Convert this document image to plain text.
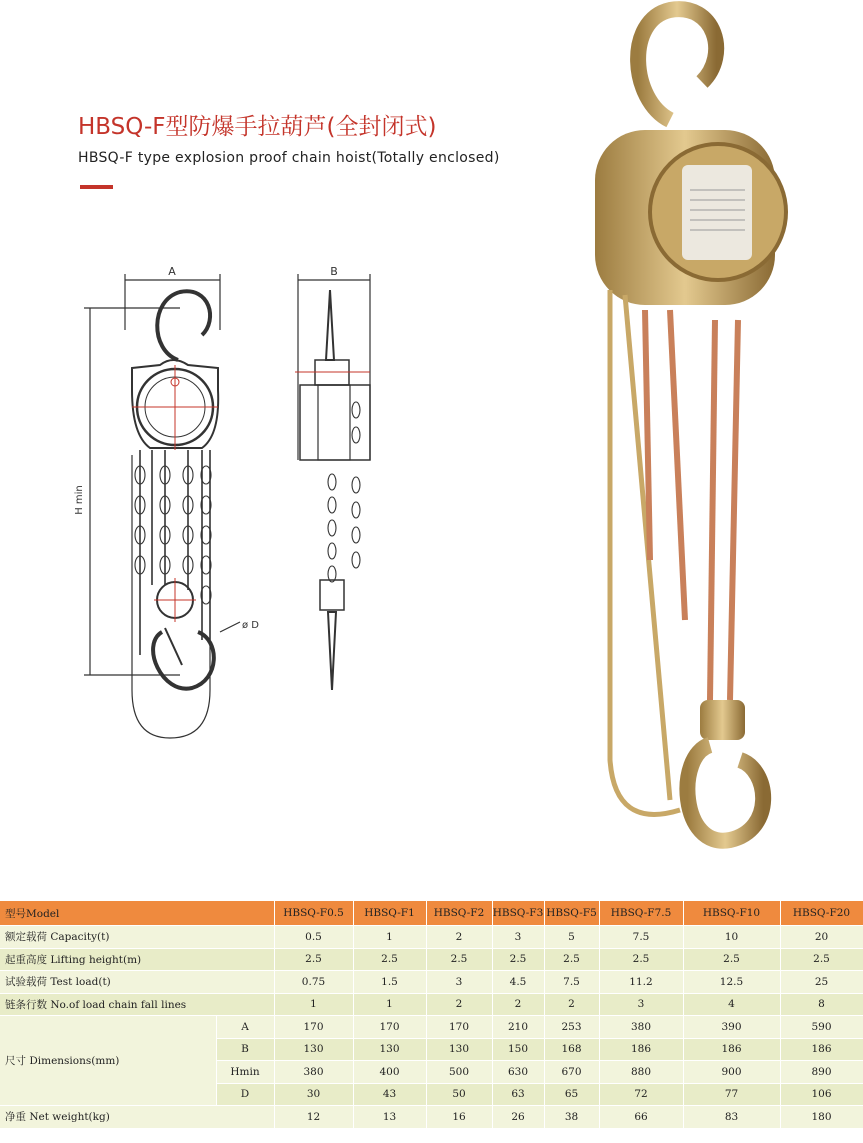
HBSQ-F型防爆手拉葫芦(全封闭式)
HBSQ-F type explosion proof chain hoist(Totally enclosed)
A	B
H min
ø D
型号Model		HBSQ-F0.5	HBSQ-F1	HBSQ-F2	HBSQ-F3	HBSQ-F5	HBSQ-F7.5	HBSQ-F10	HBSQ-F20
额定载荷 Capacity(t)		0.5	1	2	3	5	7.5	10	20
起重高度 Lifting height(m)		2.5	2.5	2.5	2.5	2.5	2.5	2.5	2.5
试验载荷 Test load(t)		0.75	1.5	3	4.5	7.5	11.2	12.5	25
链条行数 No.of load chain fall lines		1	1	2	2	2	3	4	8
尺寸 Dimensions(mm)	A	170	170	170	210	253	380	390	590
	B	130	130	130	150	168	186	186	186
	Hmin	380	400	500	630	670	880	900	890
	D	30	43	50	63	65	72	77	106
净重 Net weight(kg)		12	13	16	26	38	66	83	180
